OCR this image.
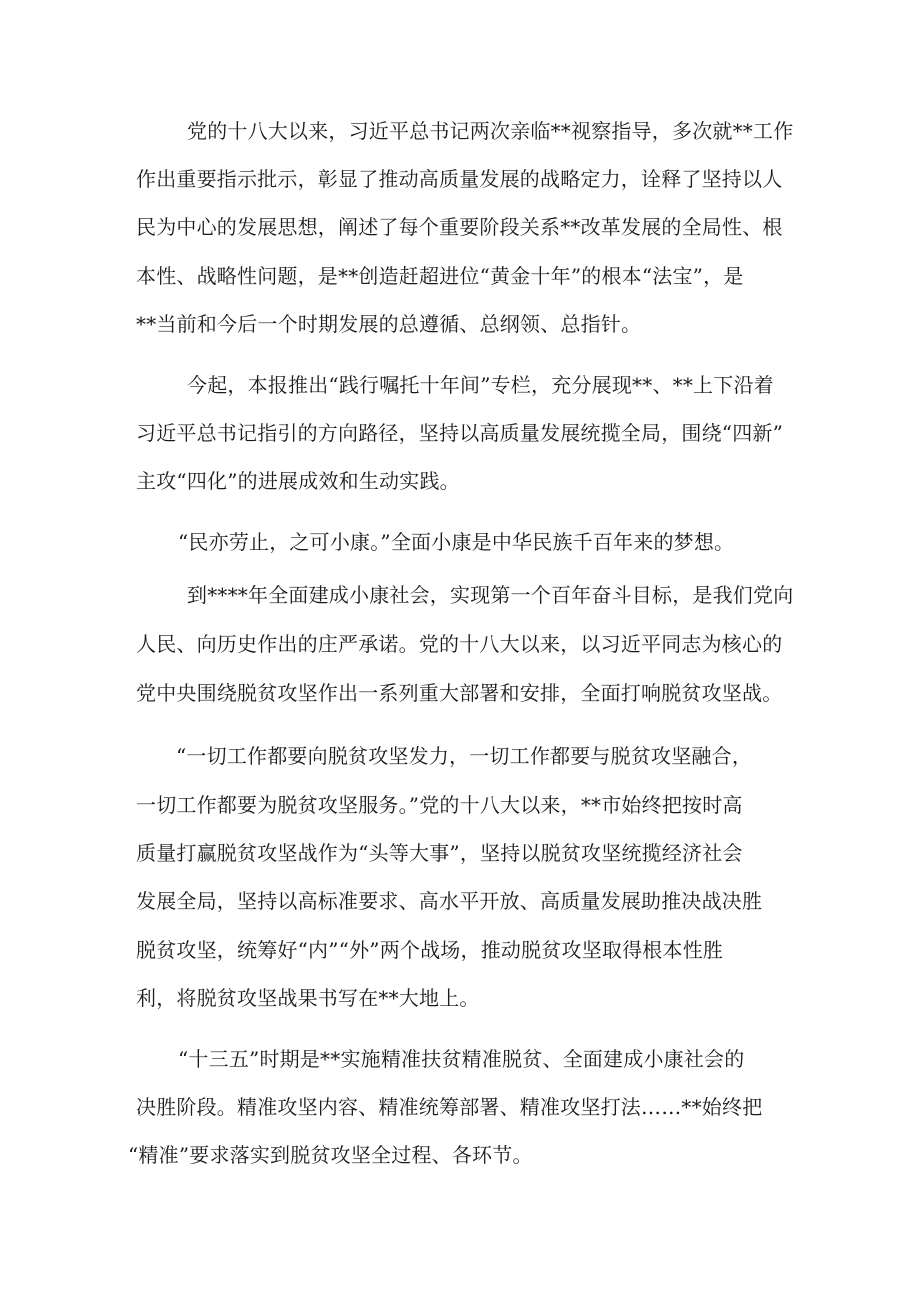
党的十八大以来，习近平总书记两次亲临**视察指导，多次就**工作

作出重要指示批示，彰显了推动高质量发展的战略定力，诠释了坚持以人

民为中心的发展思想，阐述了每个重要阶段关系**改革发展的全局性、根

本性、战略性问题，是**创造赶超进位“黄金十年”的根本“法宝”，是

**当前和今后一个时期发展的总遵循、总纲领、总指针。

今起，本报推出“践行嘱托十年间”专栏，充分展现**、**上下沿着

习近平总书记指引的方向路径，坚持以高质量发展统揽全局，围绕“四新”

主攻“四化”的进展成效和生动实践。

“民亦劳止，之可小康。”全面小康是中华民族千百年来的梦想。

到****年全面建成小康社会，实现第一个百年奋斗目标，是我们党向

人民、向历史作出的庄严承诺。党的十八大以来，以习近平同志为核心的

党中央围绕脱贫攻坚作出一系列重大部署和安排，全面打响脱贫攻坚战。

“一切工作都要向脱贫攻坚发力，一切工作都要与脱贫攻坚融合，

一切工作都要为脱贫攻坚服务。”党的十八大以来，**市始终把按时高

质量打赢脱贫攻坚战作为“头等大事”，坚持以脱贫攻坚统揽经济社会

发展全局，坚持以高标准要求、高水平开放、高质量发展助推决战决胜

脱贫攻坚，统筹好“内”“外”两个战场，推动脱贫攻坚取得根本性胜

利，将脱贫攻坚战果书写在**大地上。

“十三五”时期是**实施精准扶贫精准脱贫、全面建成小康社会的

决胜阶段。精准攻坚内容、精准统筹部署、精准攻坚打法……**始终把

“精准”要求落实到脱贫攻坚全过程、各环节。
